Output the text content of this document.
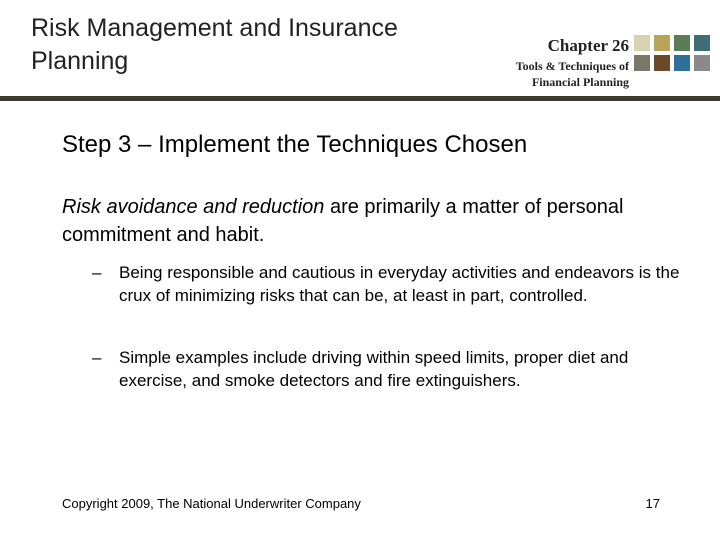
Risk Management and Insurance Planning
Chapter 26
Tools & Techniques of
Financial Planning
Step 3 – Implement the Techniques Chosen
Risk avoidance and reduction are primarily a matter of personal commitment and habit.
– Being responsible and cautious in everyday activities and endeavors is the crux of minimizing risks that can be, at least in part, controlled.
– Simple examples include driving within speed limits, proper diet and exercise, and smoke detectors and fire extinguishers.
Copyright 2009, The National Underwriter Company	17
